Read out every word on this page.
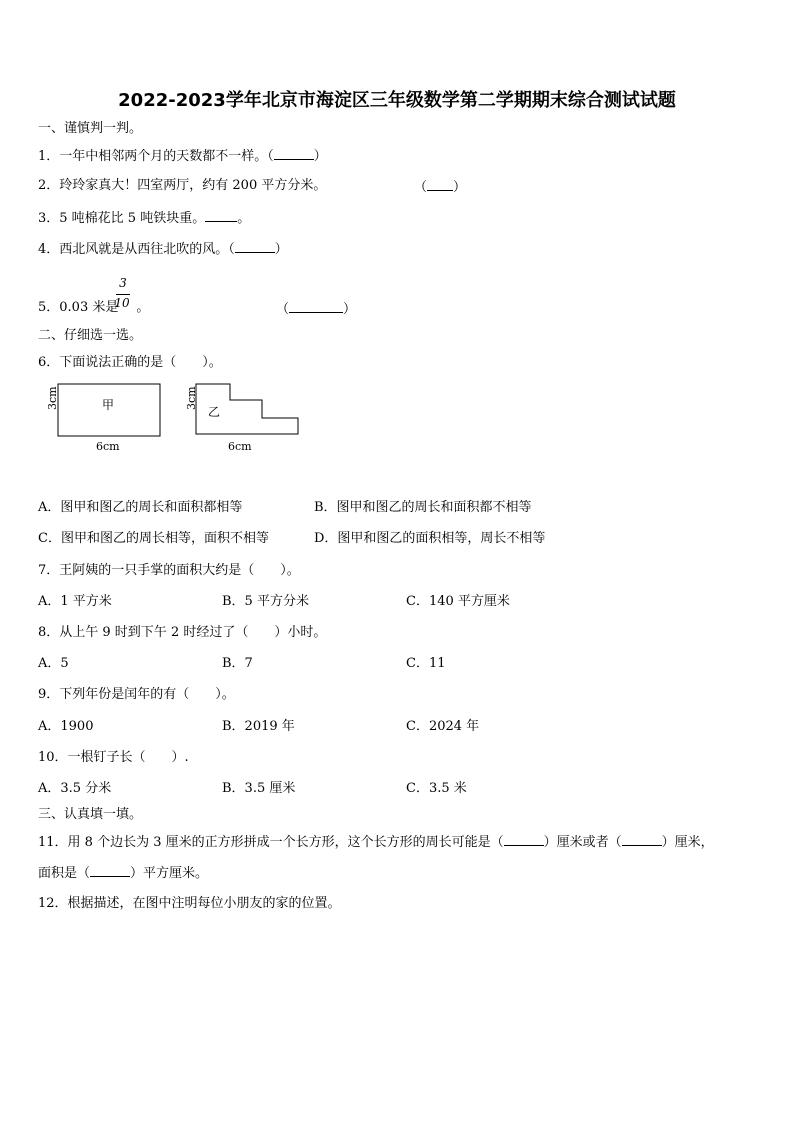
2022-2023学年北京市海淀区三年级数学第二学期期末综合测试试题
一、谨慎判一判。
1．一年中相邻两个月的天数都不一样。（	）
2．玲玲家真大！四室两厅，约有 200 平方分米。	（ ）
3．5 吨棉花比 5 吨铁块重。 。
4．西北风就是从西往北吹的风。（	）
5．0.03 米是 。
3
10	（	）
二、仔细选一选。
6．下面说法正确的是（　　）。
甲
3cm
6cm
乙
3cm
6cm
A．图甲和图乙的周长和面积都相等	B．图甲和图乙的周长和面积都不相等
C．图甲和图乙的周长相等，面积不相等	D．图甲和图乙的面积相等，周长不相等
7．王阿姨的一只手掌的面积大约是（　　）。
A．1 平方米	B．5 平方分米	C．140 平方厘米
8．从上午 9 时到下午 2 时经过了（　　）小时。
A．5	B．7	C．11
9．下列年份是闰年的有（　　）。
A．1900	B．2019 年	C．2024 年
10．一根钉子长（　　）.
A．3.5 分米	B．3.5 厘米	C．3.5 米
三、认真填一填。
11．用 8 个边长为 3 厘米的正方形拼成一个长方形，这个长方形的周长可能是（	）厘米或者（	）厘米，
面积是（	）平方厘米。
12．根据描述，在图中注明每位小朋友的家的位置。
